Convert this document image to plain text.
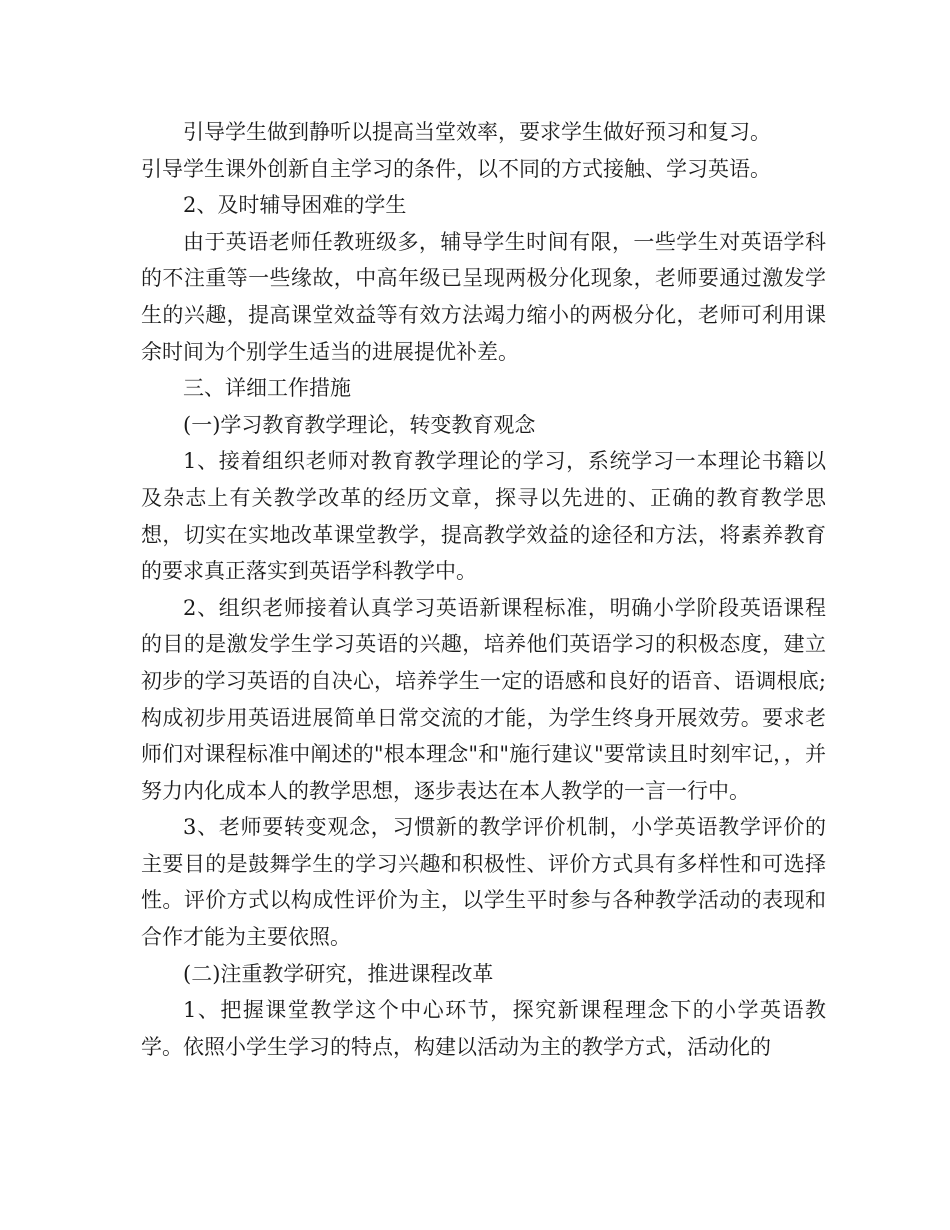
引导学生做到静听以提高当堂效率，要求学生做好预习和复习。

引导学生课外创新自主学习的条件，以不同的方式接触、学习英语。

2、及时辅导困难的学生

由于英语老师任教班级多，辅导学生时间有限，一些学生对英语学科的不注重等一些缘故，中高年级已呈现两极分化现象，老师要通过激发学生的兴趣，提高课堂效益等有效方法竭力缩小的两极分化，老师可利用课余时间为个别学生适当的进展提优补差。

三、详细工作措施

(一)学习教育教学理论，转变教育观念

1、接着组织老师对教育教学理论的学习，系统学习一本理论书籍以及杂志上有关教学改革的经历文章，探寻以先进的、正确的教育教学思想，切实在实地改革课堂教学，提高教学效益的途径和方法，将素养教育的要求真正落实到英语学科教学中。

2、组织老师接着认真学习英语新课程标准，明确小学阶段英语课程的目的是激发学生学习英语的兴趣，培养他们英语学习的积极态度，建立初步的学习英语的自决心，培养学生一定的语感和良好的语音、语调根底;构成初步用英语进展简单日常交流的才能，为学生终身开展效劳。要求老师们对课程标准中阐述的"根本理念"和"施行建议"要常读且时刻牢记，，并努力内化成本人的教学思想，逐步表达在本人教学的一言一行中。

3、老师要转变观念，习惯新的教学评价机制，小学英语教学评价的主要目的是鼓舞学生的学习兴趣和积极性、评价方式具有多样性和可选择性。评价方式以构成性评价为主，以学生平时参与各种教学活动的表现和合作才能为主要依照。

(二)注重教学研究，推进课程改革

1、把握课堂教学这个中心环节，探究新课程理念下的小学英语教学。依照小学生学习的特点，构建以活动为主的教学方式，活动化的
